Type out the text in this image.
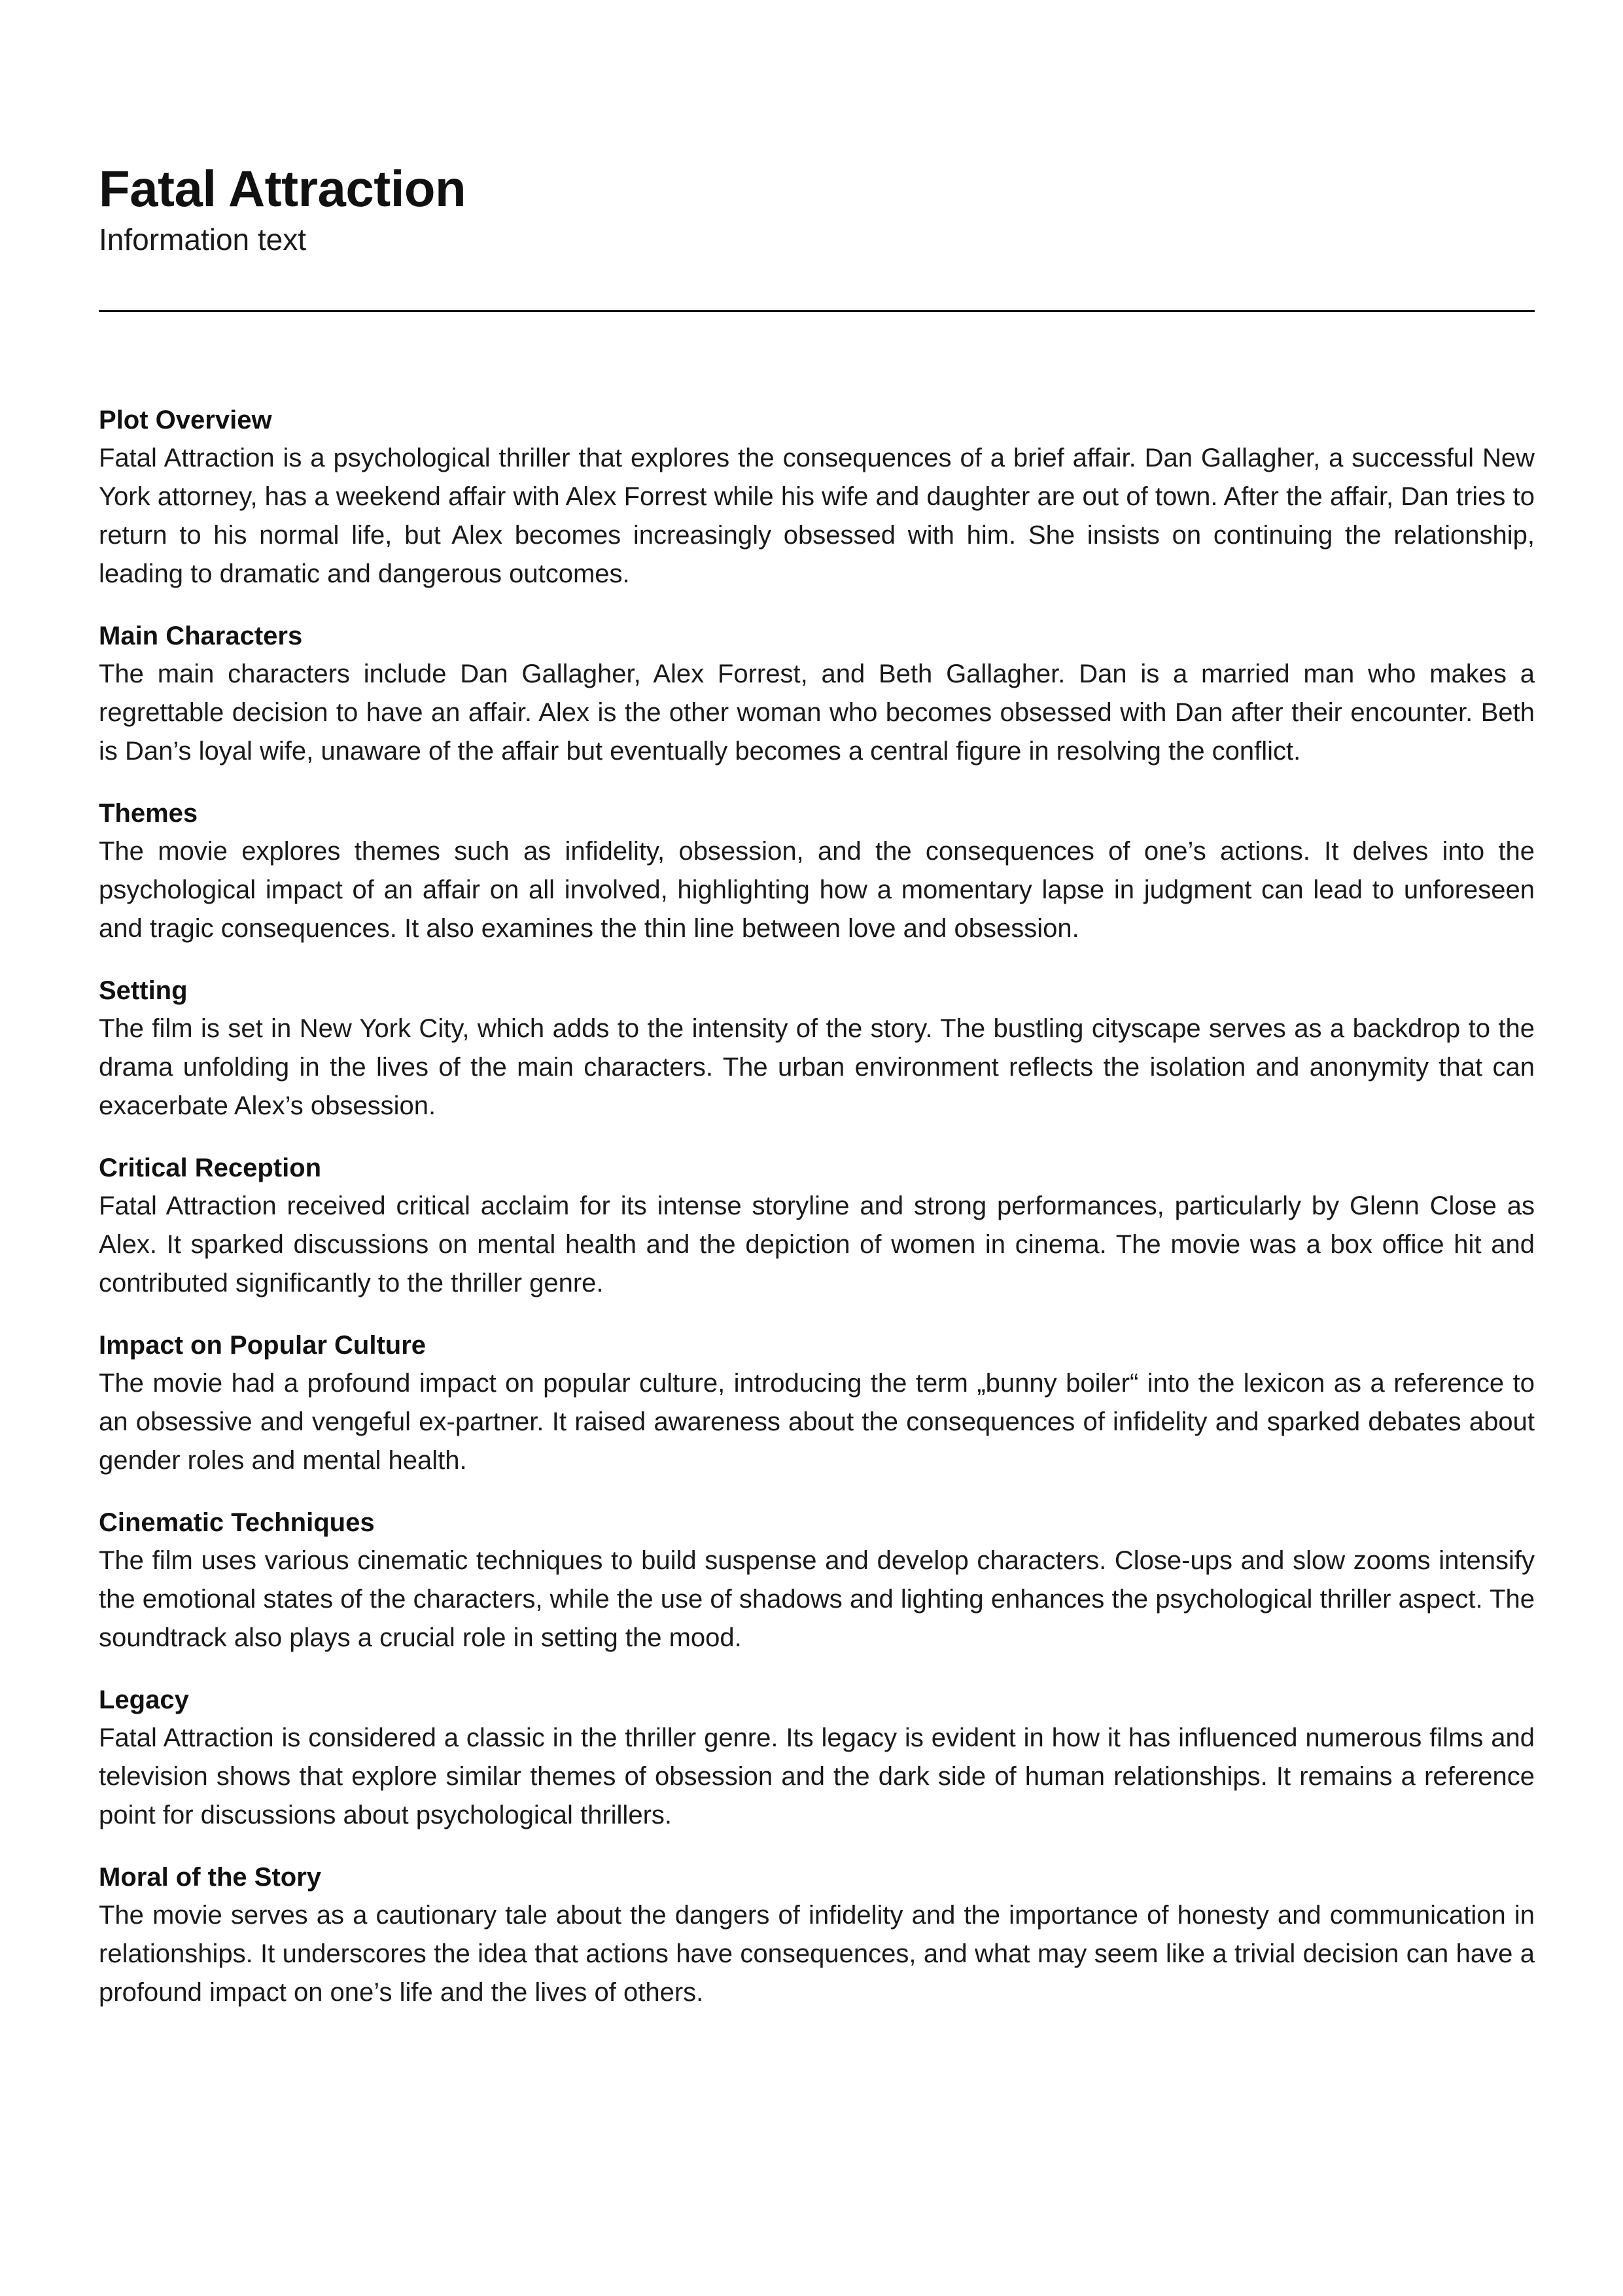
Fatal Attraction

Information text

Plot Overview

Fatal Attraction is a psychological thriller that explores the consequences of a brief affair. Dan Gallagher, a successful New York attorney, has a weekend affair with Alex Forrest while his wife and daughter are out of town. After the affair, Dan tries to return to his normal life, but Alex becomes increasingly obsessed with him. She insists on continuing the relationship, leading to dramatic and dangerous outcomes.

Main Characters

The main characters include Dan Gallagher, Alex Forrest, and Beth Gallagher. Dan is a married man who makes a regrettable decision to have an affair. Alex is the other woman who becomes obsessed with Dan after their encounter. Beth is Dan’s loyal wife, unaware of the affair but eventually becomes a central figure in resolving the conflict.

Themes

The movie explores themes such as infidelity, obsession, and the consequences of one’s actions. It delves into the psychological impact of an affair on all involved, highlighting how a momentary lapse in judgment can lead to unforeseen and tragic consequences. It also examines the thin line between love and obsession.

Setting

The film is set in New York City, which adds to the intensity of the story. The bustling cityscape serves as a backdrop to the drama unfolding in the lives of the main characters. The urban environment reflects the isolation and anonymity that can exacerbate Alex’s obsession.

Critical Reception

Fatal Attraction received critical acclaim for its intense storyline and strong performances, particularly by Glenn Close as Alex. It sparked discussions on mental health and the depiction of women in cinema. The movie was a box office hit and contributed significantly to the thriller genre.

Impact on Popular Culture

The movie had a profound impact on popular culture, introducing the term „bunny boiler“ into the lexicon as a reference to an obsessive and vengeful ex-partner. It raised awareness about the consequences of infidelity and sparked debates about gender roles and mental health.

Cinematic Techniques

The film uses various cinematic techniques to build suspense and develop characters. Close-ups and slow zooms intensify the emotional states of the characters, while the use of shadows and lighting enhances the psychological thriller aspect. The soundtrack also plays a crucial role in setting the mood.

Legacy

Fatal Attraction is considered a classic in the thriller genre. Its legacy is evident in how it has influenced numerous films and television shows that explore similar themes of obsession and the dark side of human relationships. It remains a reference point for discussions about psychological thrillers.

Moral of the Story

The movie serves as a cautionary tale about the dangers of infidelity and the importance of honesty and communication in relationships. It underscores the idea that actions have consequences, and what may seem like a trivial decision can have a profound impact on one’s life and the lives of others.
